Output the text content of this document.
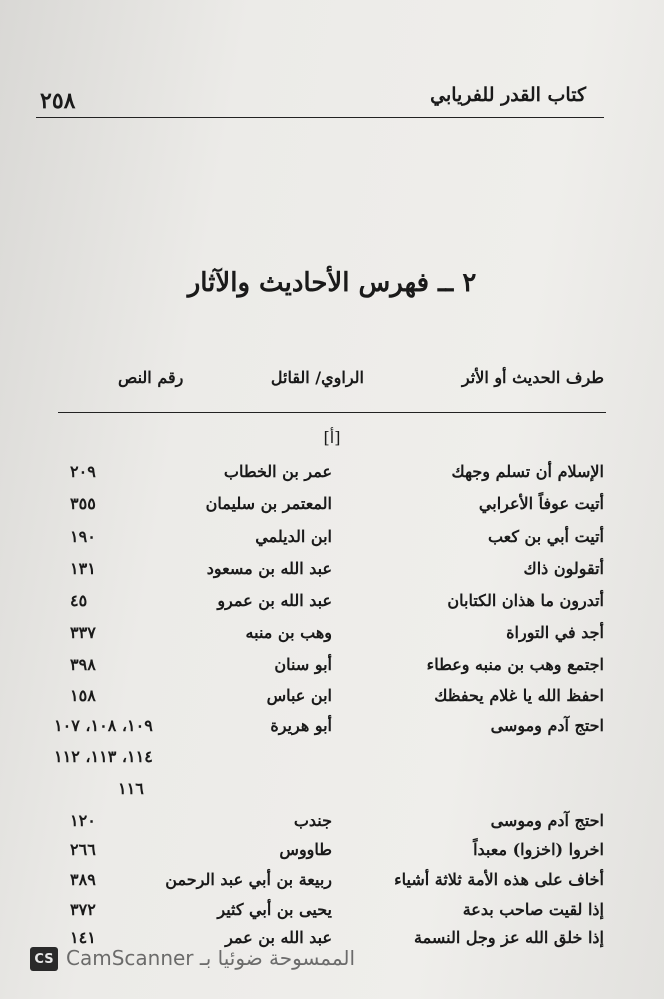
٢٥٨	كتاب القدر للفريابي
٢ ــ فهرس الأحاديث والآثار
طرف الحديث أو الأثر
الراوي/ القائل
رقم النص
[أ]
الإسلام أن تسلم وجهك
عمر بن الخطاب
٢٠٩
أتيت عوفاً الأعرابي
المعتمر بن سليمان
٣٥٥
أتيت أبي بن كعب
ابن الديلمي
١٩٠
أتقولون ذاك
عبد الله بن مسعود
١٣١
أتدرون ما هذان الكتابان
عبد الله بن عمرو
٤٥
أجد في التوراة
وهب بن منبه
٣٣٧
اجتمع وهب بن منبه وعطاء
أبو سنان
٣٩٨
احفظ الله يا غلام يحفظك
ابن عباس
١٥٨
احتج آدم وموسى
أبو هريرة
١٠٩، ١٠٨، ١٠٧
١١٤، ١١٣، ١١٢
١١٦
احتج آدم وموسى
جندب
١٢٠
اخروا (اخزوا) معبداً
طاووس
٢٦٦
أخاف على هذه الأمة ثلاثة أشياء
ربيعة بن أبي عبد الرحمن
٣٨٩
إذا لقيت صاحب بدعة
يحيى بن أبي كثير
٣٧٢
إذا خلق الله عز وجل النسمة
عبد الله بن عمر
١٤١
CS CamScanner الممسوحة ضوئيا بـ
